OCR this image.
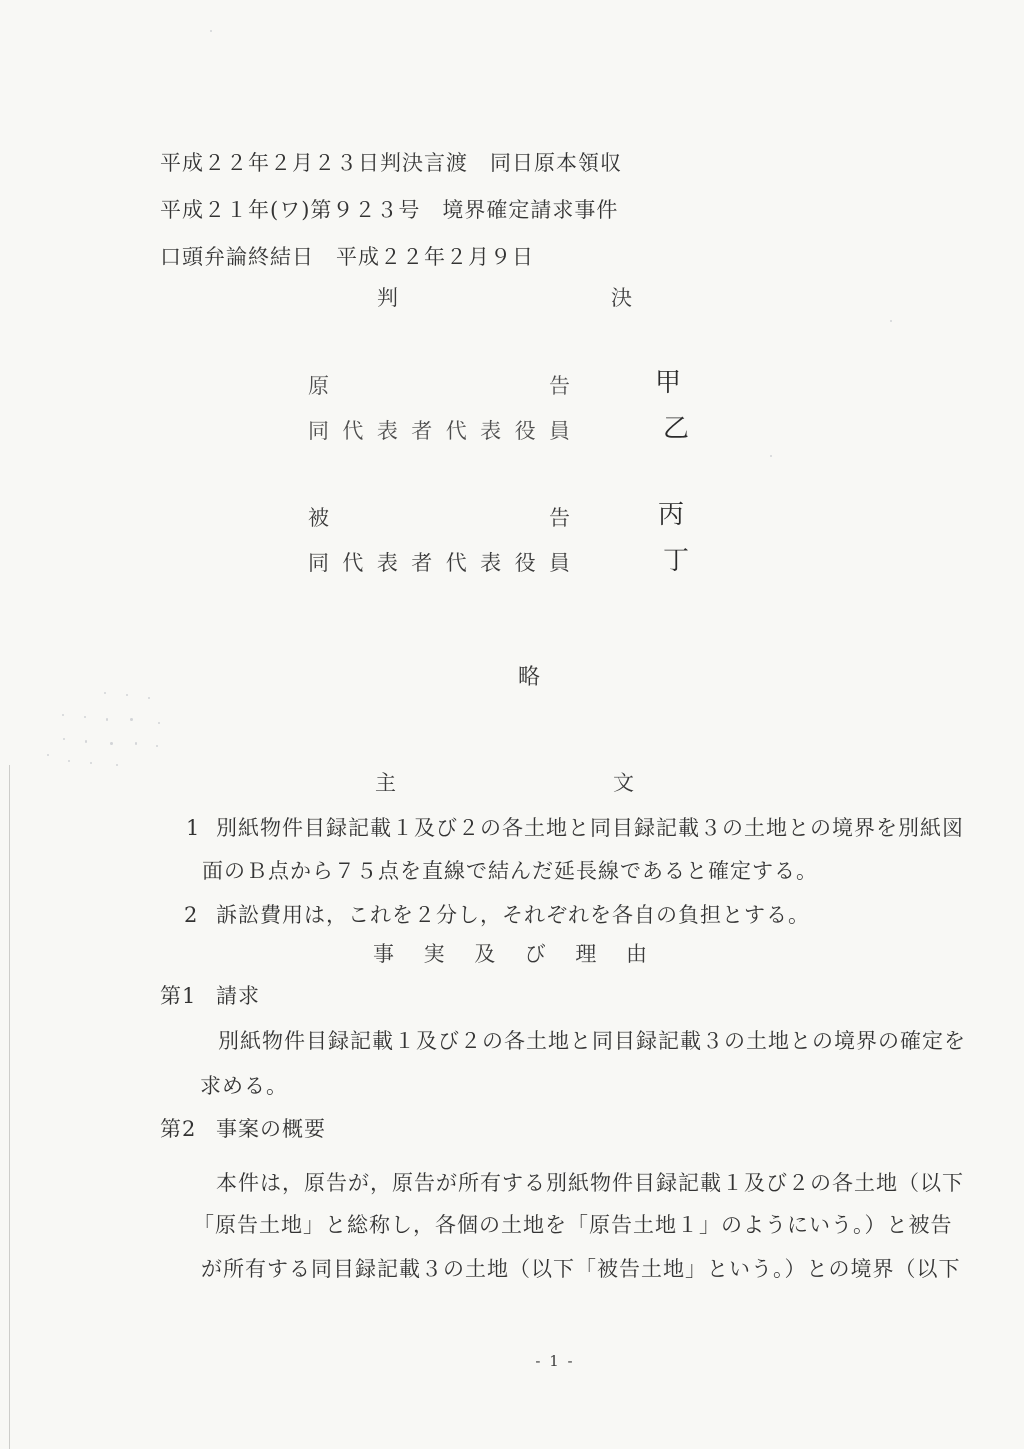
平成２２年２月２３日判決言渡　同日原本領収
平成２１年(ワ)第９２３号　境界確定請求事件
口頭弁論終結日　平成２２年２月９日
判決
原告	甲
同代表者代表役員	乙
被告	丙
同代表者代表役員	丁
略
主文
1 別紙物件目録記載１及び２の各土地と同目録記載３の土地との境界を別紙図
面のＢ点から７５点を直線で結んだ延長線であると確定する。
2 訴訟費用は，これを２分し，それぞれを各自の負担とする。
事実及び理由
第1 請求
別紙物件目録記載１及び２の各土地と同目録記載３の土地との境界の確定を
求める。
第2 事案の概要
本件は，原告が，原告が所有する別紙物件目録記載１及び２の各土地（以下
「原告土地」と総称し，各個の土地を「原告土地１」のようにいう。）と被告
が所有する同目録記載３の土地（以下「被告土地」という。）との境界（以下
- 1 -
